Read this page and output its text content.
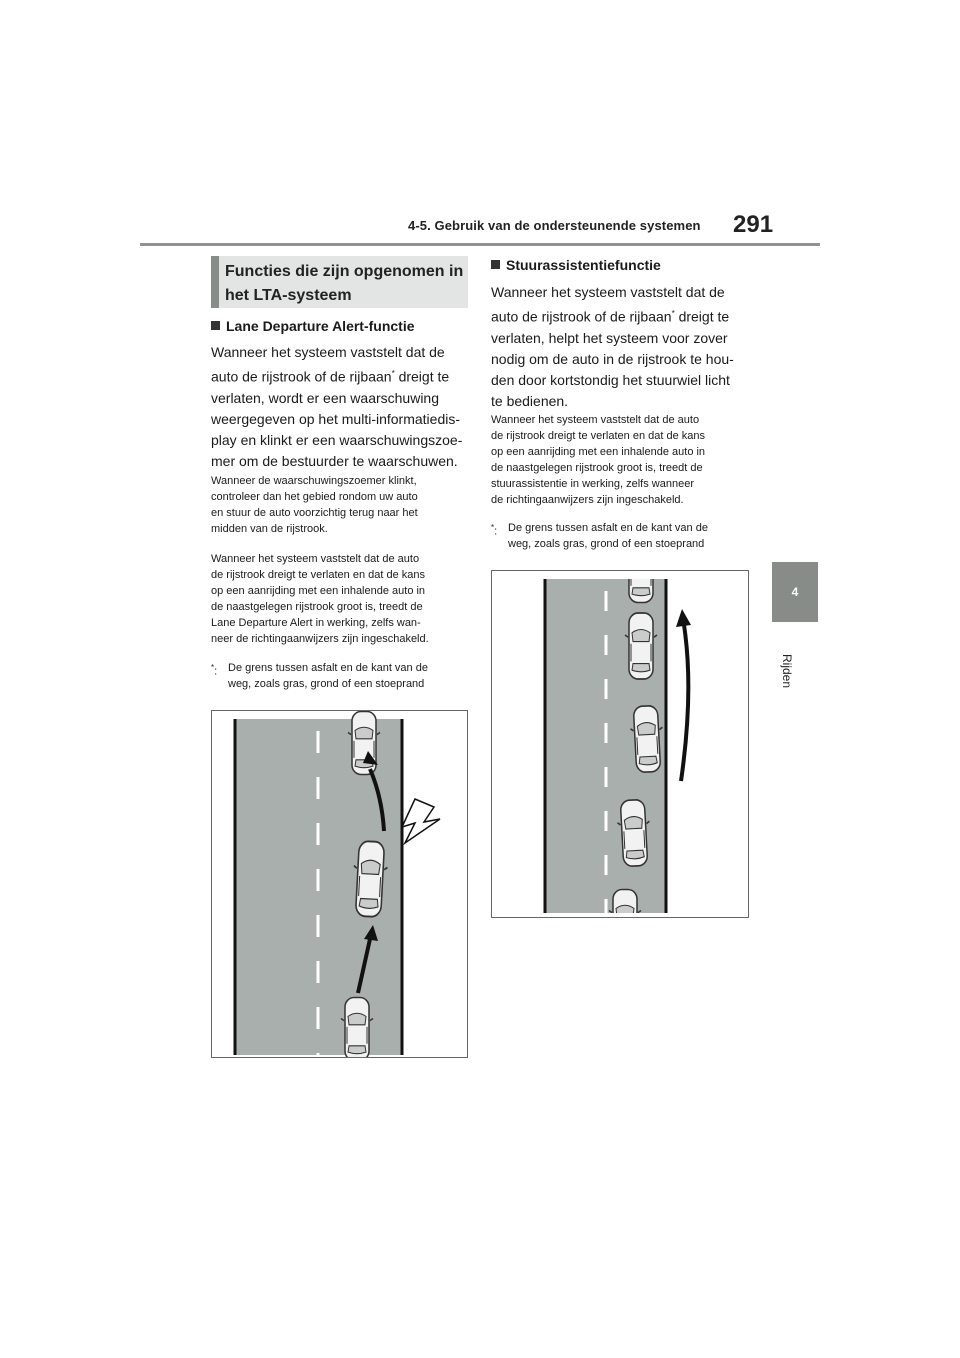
4-5. Gebruik van de ondersteunende systemen 291
4
Rijden
Functies die zijn opgenomen in
het LTA-systeem
Lane Departure Alert-functie

Wanneer het systeem vaststelt dat de

auto de rijstrook of de rijbaan* dreigt te

verlaten, wordt er een waarschuwing

weergegeven op het multi-informatiedis-

play en klinkt er een waarschuwingszoe-

mer om de bestuurder te waarschuwen.

Wanneer de waarschuwingszoemer klinkt,

controleer dan het gebied rondom uw auto

en stuur de auto voorzichtig terug naar het

midden van de rijstrook.

Wanneer het systeem vaststelt dat de auto

de rijstrook dreigt te verlaten en dat de kans

op een aanrijding met een inhalende auto in

de naastgelegen rijstrook groot is, treedt de

Lane Departure Alert in werking, zelfs wan-

neer de richtingaanwijzers zijn ingeschakeld.

*: De grens tussen asfalt en de kant van de
weg, zoals gras, grond of een stoeprand
Stuurassistentiefunctie

Wanneer het systeem vaststelt dat de

auto de rijstrook of de rijbaan* dreigt te

verlaten, helpt het systeem voor zover

nodig om de auto in de rijstrook te hou-

den door kortstondig het stuurwiel licht

te bedienen.

Wanneer het systeem vaststelt dat de auto

de rijstrook dreigt te verlaten en dat de kans

op een aanrijding met een inhalende auto in

de naastgelegen rijstrook groot is, treedt de

stuurassistentie in werking, zelfs wanneer

de richtingaanwijzers zijn ingeschakeld.

*: De grens tussen asfalt en de kant van de
weg, zoals gras, grond of een stoeprand
